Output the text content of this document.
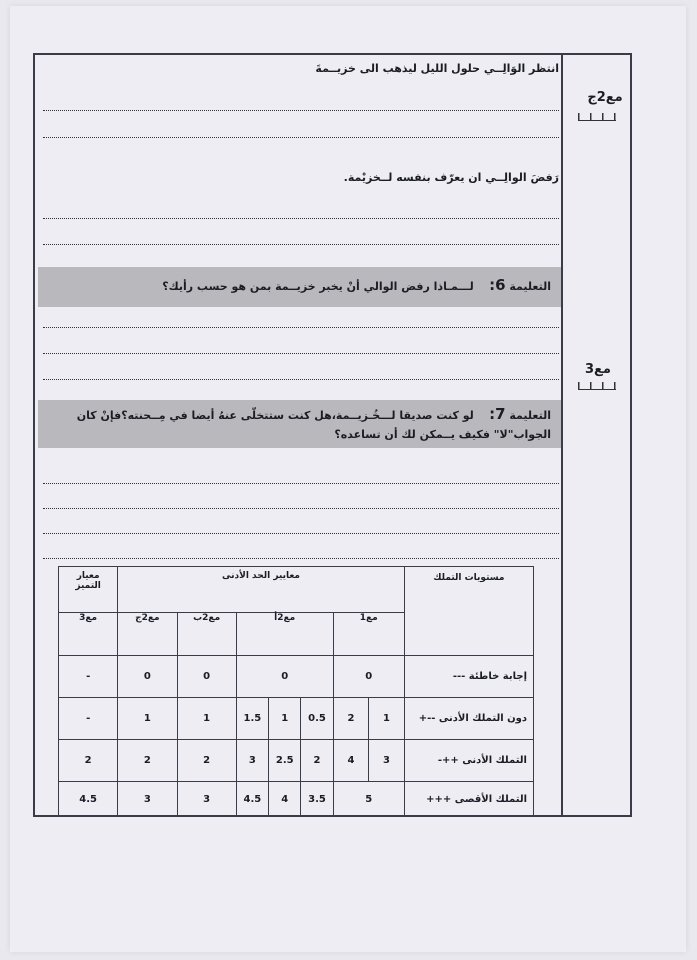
انتظر الوَالِــي حلول الليل ليذهب الى خزيــمةَ
رَفضَ الوالِــي ان يعرّف بنفسه لــخزيْمة.
مع2ج
التعليمة 6:    لـــمـاذا رفض الوالي أنْ يخبر خزيــمة بمن هو حسب رأيك؟
مع3
التعليمة 7:    لو كنت صديقا لـــخُـزيــمة،هل كنت ستتخلّى عنهُ أيضا في مِــحنته؟فإنْ كان
الجواب"لا" فكيف يــمكن لك أن تساعده؟
مستويات التملك	معايير الحد الأدنى							معيار
التميز

	مع1		مع2أ			مع2ب	مع2ج	مع3
إجابة خاطئة ---	0		0			0	0	-
دون التملك الأدنى --+	1	2	0.5	1	1.5	1	1	-
التملك الأدنى ++-	3	4	2	2.5	3	2	2	2
التملك الأقصى +++	5		3.5	4	4.5	3	3	4.5
